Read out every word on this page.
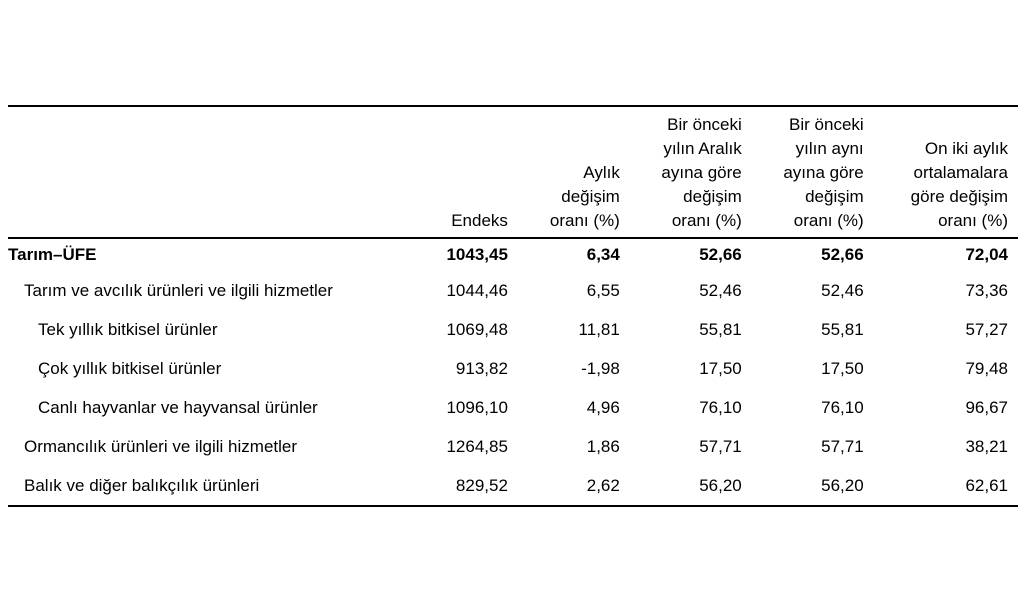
	Endeks	Aylık
değişim
oranı (%)	Bir önceki
yılın Aralık
ayına göre
değişim
oranı (%)	Bir önceki
yılın aynı
ayına göre
değişim
oranı (%)	On iki aylık
ortalamalara
göre değişim
oranı (%)
Tarım–ÜFE	1043,45	6,34	52,66	52,66	72,04
Tarım ve avcılık ürünleri ve ilgili hizmetler	1044,46	6,55	52,46	52,46	73,36
Tek yıllık bitkisel ürünler	1069,48	11,81	55,81	55,81	57,27
Çok yıllık bitkisel ürünler	913,82	-1,98	17,50	17,50	79,48
Canlı hayvanlar ve hayvansal ürünler	1096,10	4,96	76,10	76,10	96,67
Ormancılık ürünleri ve ilgili hizmetler	1264,85	1,86	57,71	57,71	38,21
Balık ve diğer balıkçılık ürünleri	829,52	2,62	56,20	56,20	62,61
